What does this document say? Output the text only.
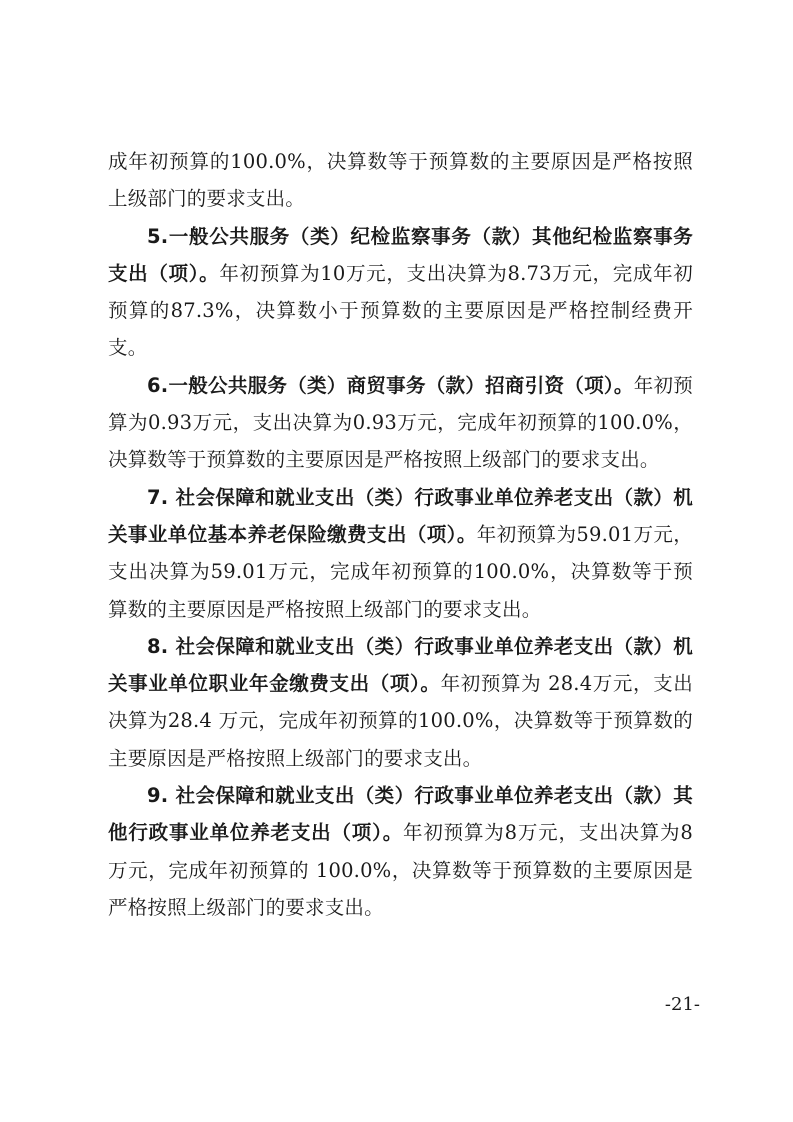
成年初预算的100.0%，决算数等于预算数的主要原因是严格按照上级部门的要求支出。

5.一般公共服务（类）纪检监察事务（款）其他纪检监察事务支出（项）。年初预算为10万元，支出决算为8.73万元，完成年初预算的87.3%，决算数小于预算数的主要原因是严格控制经费开支。

6.一般公共服务（类）商贸事务（款）招商引资（项）。年初预算为0.93万元，支出决算为0.93万元，完成年初预算的100.0%，决算数等于预算数的主要原因是严格按照上级部门的要求支出。

7. 社会保障和就业支出（类）行政事业单位养老支出（款）机关事业单位基本养老保险缴费支出（项）。年初预算为59.01万元，支出决算为59.01万元，完成年初预算的100.0%，决算数等于预算数的主要原因是严格按照上级部门的要求支出。

8. 社会保障和就业支出（类）行政事业单位养老支出（款）机关事业单位职业年金缴费支出（项）。年初预算为 28.4万元，支出决算为28.4 万元，完成年初预算的100.0%，决算数等于预算数的主要原因是严格按照上级部门的要求支出。

9. 社会保障和就业支出（类）行政事业单位养老支出（款）其他行政事业单位养老支出（项）。年初预算为8万元，支出决算为8万元，完成年初预算的 100.0%，决算数等于预算数的主要原因是严格按照上级部门的要求支出。

-21-
